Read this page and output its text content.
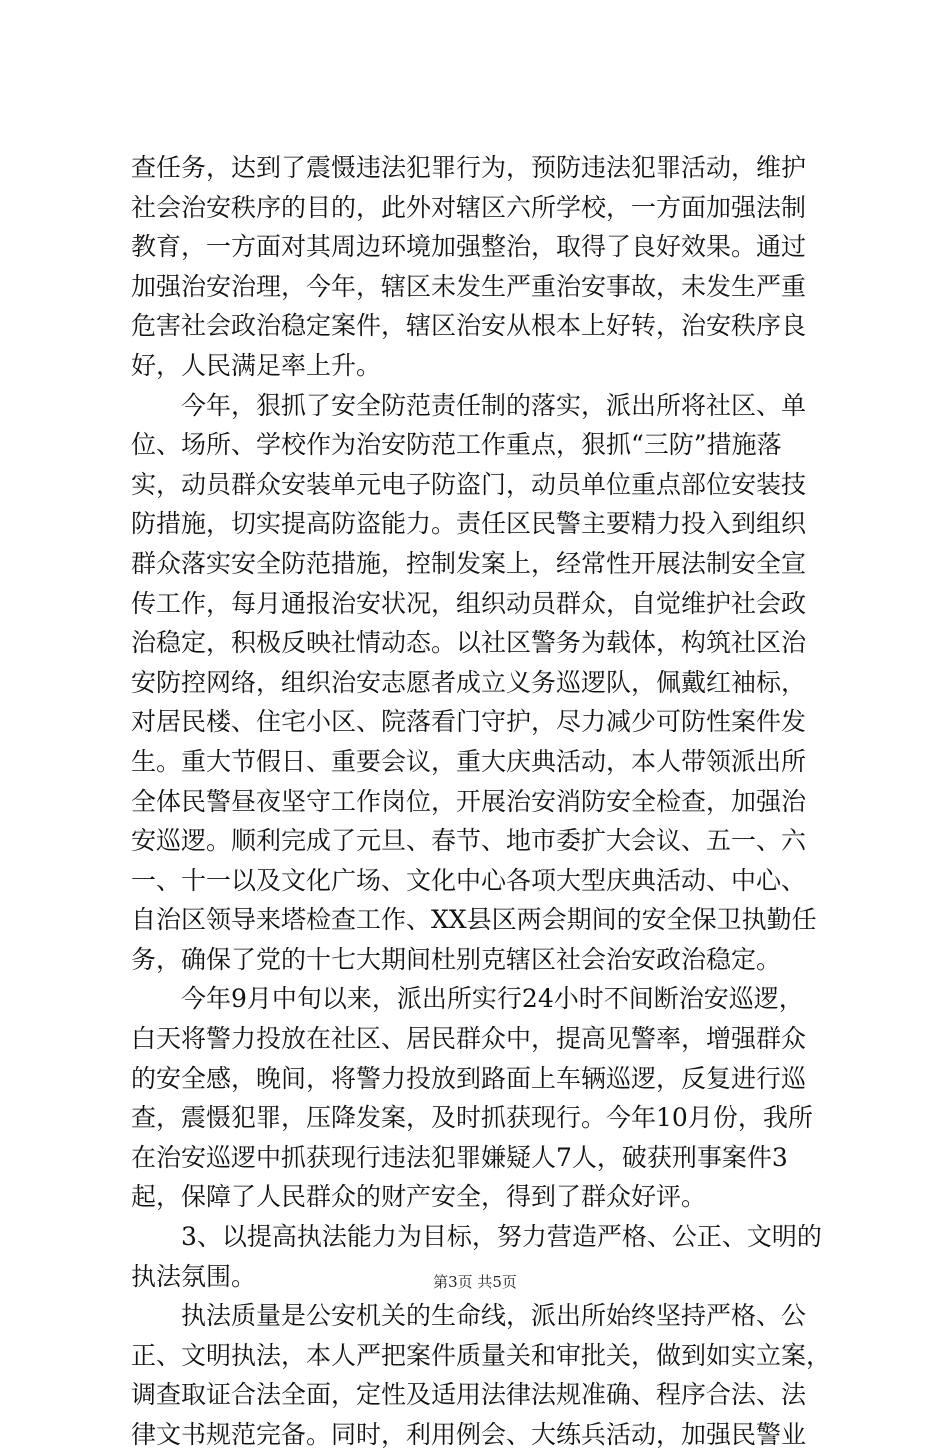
查任务，达到了震慑违法犯罪行为，预防违法犯罪活动，维护
社会治安秩序的目的，此外对辖区六所学校，一方面加强法制
教育，一方面对其周边环境加强整治，取得了良好效果。通过
加强治安治理，今年，辖区未发生严重治安事故，未发生严重
危害社会政治稳定案件，辖区治安从根本上好转，治安秩序良
好，人民满足率上升。
　　今年，狠抓了安全防范责任制的落实，派出所将社区、单
位、场所、学校作为治安防范工作重点，狠抓“三防”措施落
实，动员群众安装单元电子防盗门，动员单位重点部位安装技
防措施，切实提高防盗能力。责任区民警主要精力投入到组织
群众落实安全防范措施，控制发案上，经常性开展法制安全宣
传工作，每月通报治安状况，组织动员群众，自觉维护社会政
治稳定，积极反映社情动态。以社区警务为载体，构筑社区治
安防控网络，组织治安志愿者成立义务巡逻队，佩戴红袖标，
对居民楼、住宅小区、院落看门守护，尽力减少可防性案件发
生。重大节假日、重要会议，重大庆典活动，本人带领派出所
全体民警昼夜坚守工作岗位，开展治安消防安全检查，加强治
安巡逻。顺利完成了元旦、春节、地市委扩大会议、五一、六
一、十一以及文化广场、文化中心各项大型庆典活动、中心、
自治区领导来塔检查工作、XX县区两会期间的安全保卫执勤任
务，确保了党的十七大期间杜别克辖区社会治安政治稳定。
　　今年9月中旬以来，派出所实行24小时不间断治安巡逻，
白天将警力投放在社区、居民群众中，提高见警率，增强群众
的安全感，晚间，将警力投放到路面上车辆巡逻，反复进行巡
查，震慑犯罪，压降发案，及时抓获现行。今年10月份，我所
在治安巡逻中抓获现行违法犯罪嫌疑人7人，破获刑事案件3
起，保障了人民群众的财产安全，得到了群众好评。
　　3、以提高执法能力为目标，努力营造严格、公正、文明的
执法氛围。
　　执法质量是公安机关的生命线，派出所始终坚持严格、公
正、文明执法，本人严把案件质量关和审批关，做到如实立案，
调查取证合法全面，定性及适用法律法规准确、程序合法、法
律文书规范完备。同时，利用例会、大练兵活动，加强民警业
第3页 共5页
